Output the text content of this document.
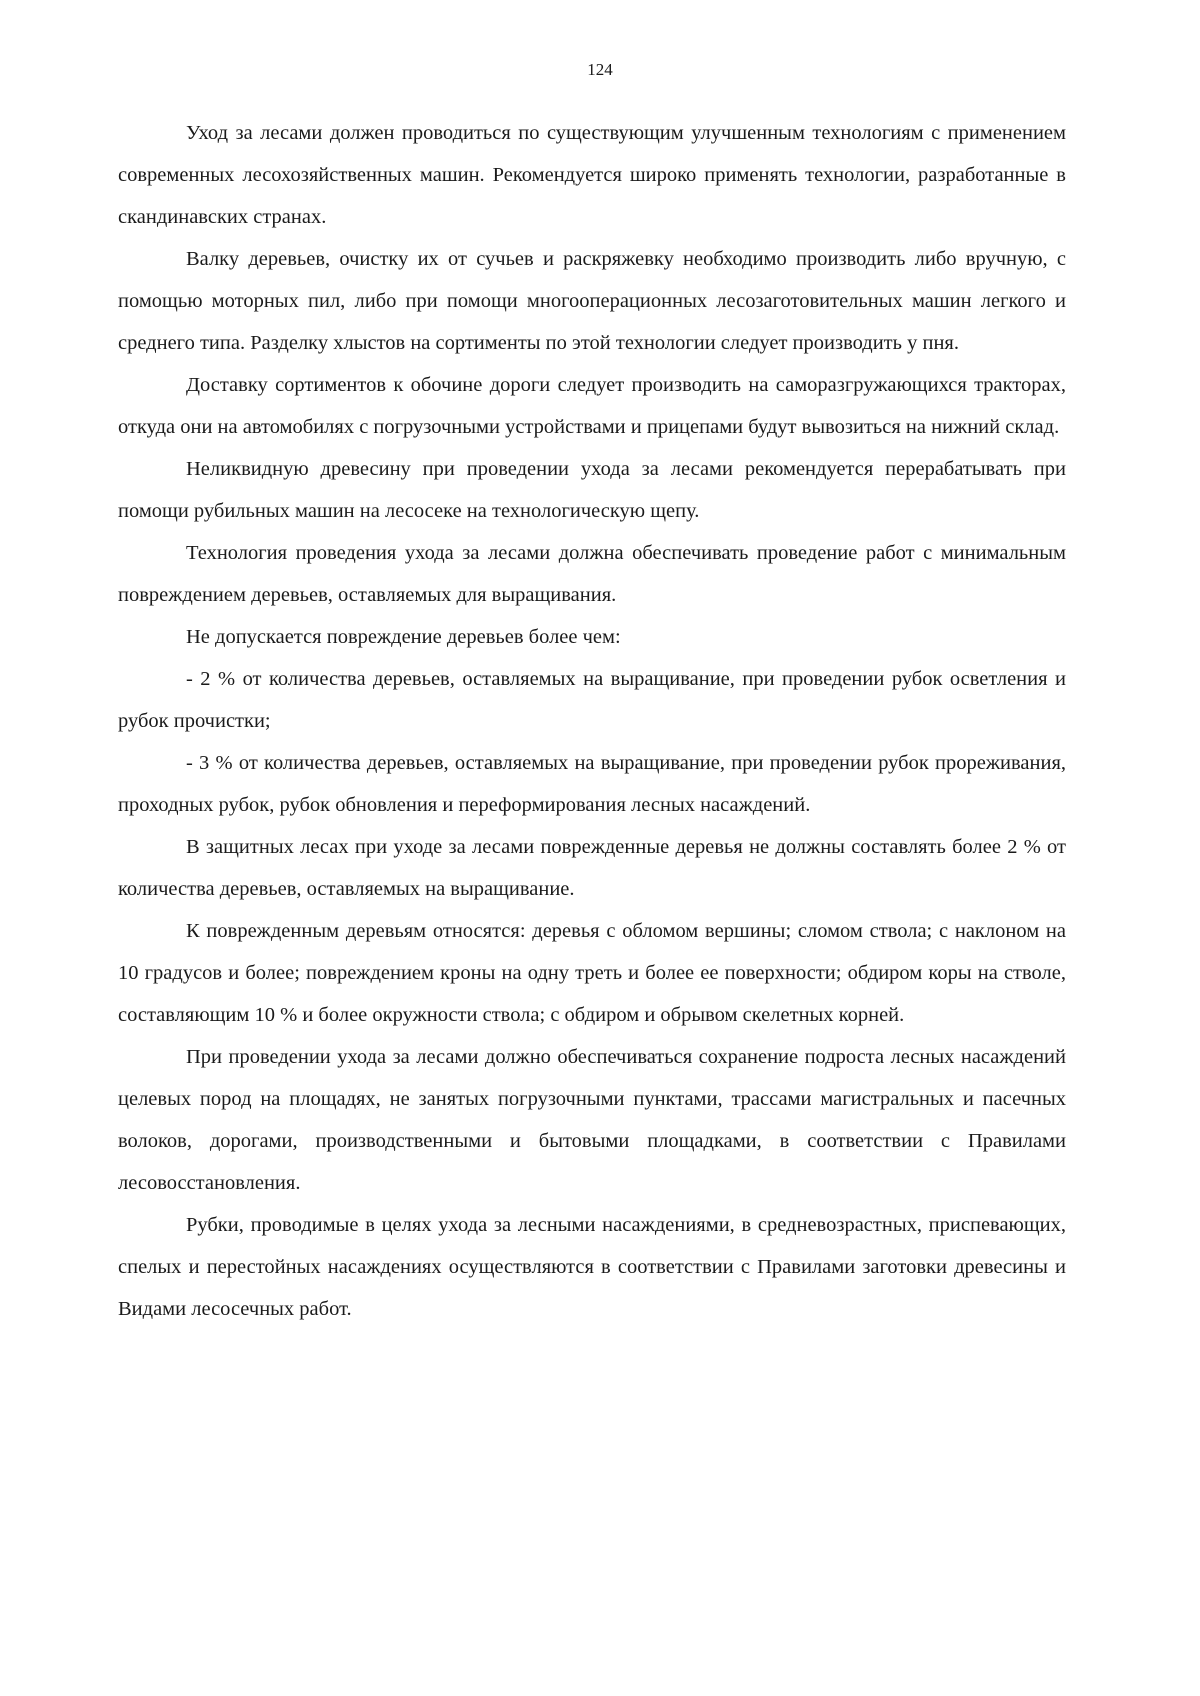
124

Уход за лесами должен проводиться по существующим улучшенным технологиям с применением современных лесохозяйственных машин. Рекомендуется широко применять технологии, разработанные в скандинавских странах.

Валку деревьев, очистку их от сучьев и раскряжевку необходимо производить либо вручную, с помощью моторных пил, либо при помощи многооперационных лесозаготовительных машин легкого и среднего типа. Разделку хлыстов на сортименты по этой технологии следует производить у пня.

Доставку сортиментов к обочине дороги следует производить на саморазгружающихся тракторах, откуда они на автомобилях с погрузочными устройствами и прицепами будут вывозиться на нижний склад.

Неликвидную древесину при проведении ухода за лесами рекомендуется перерабатывать при помощи рубильных машин на лесосеке на технологическую щепу.

Технология проведения ухода за лесами должна обеспечивать проведение работ с минимальным повреждением деревьев, оставляемых для выращивания.

Не допускается повреждение деревьев более чем:

- 2 % от количества деревьев, оставляемых на выращивание, при проведении рубок осветления и рубок прочистки;

- 3 % от количества деревьев, оставляемых на выращивание, при проведении рубок прореживания, проходных рубок, рубок обновления и переформирования лесных насаждений.

В защитных лесах при уходе за лесами поврежденные деревья не должны составлять более 2 % от количества деревьев, оставляемых на выращивание.

К поврежденным деревьям относятся: деревья с обломом вершины; сломом ствола; с наклоном на 10 градусов и более; повреждением кроны на одну треть и более ее поверхности; обдиром коры на стволе, составляющим 10 % и более окружности ствола; с обдиром и обрывом скелетных корней.

При проведении ухода за лесами должно обеспечиваться сохранение подроста лесных насаждений целевых пород на площадях, не занятых погрузочными пунктами, трассами магистральных и пасечных волоков, дорогами, производственными и бытовыми площадками, в соответствии с Правилами лесовосстановления.

Рубки, проводимые в целях ухода за лесными насаждениями, в средневозрастных, приспевающих, спелых и перестойных насаждениях осуществляются в соответствии с Правилами заготовки древесины и Видами лесосечных работ.
